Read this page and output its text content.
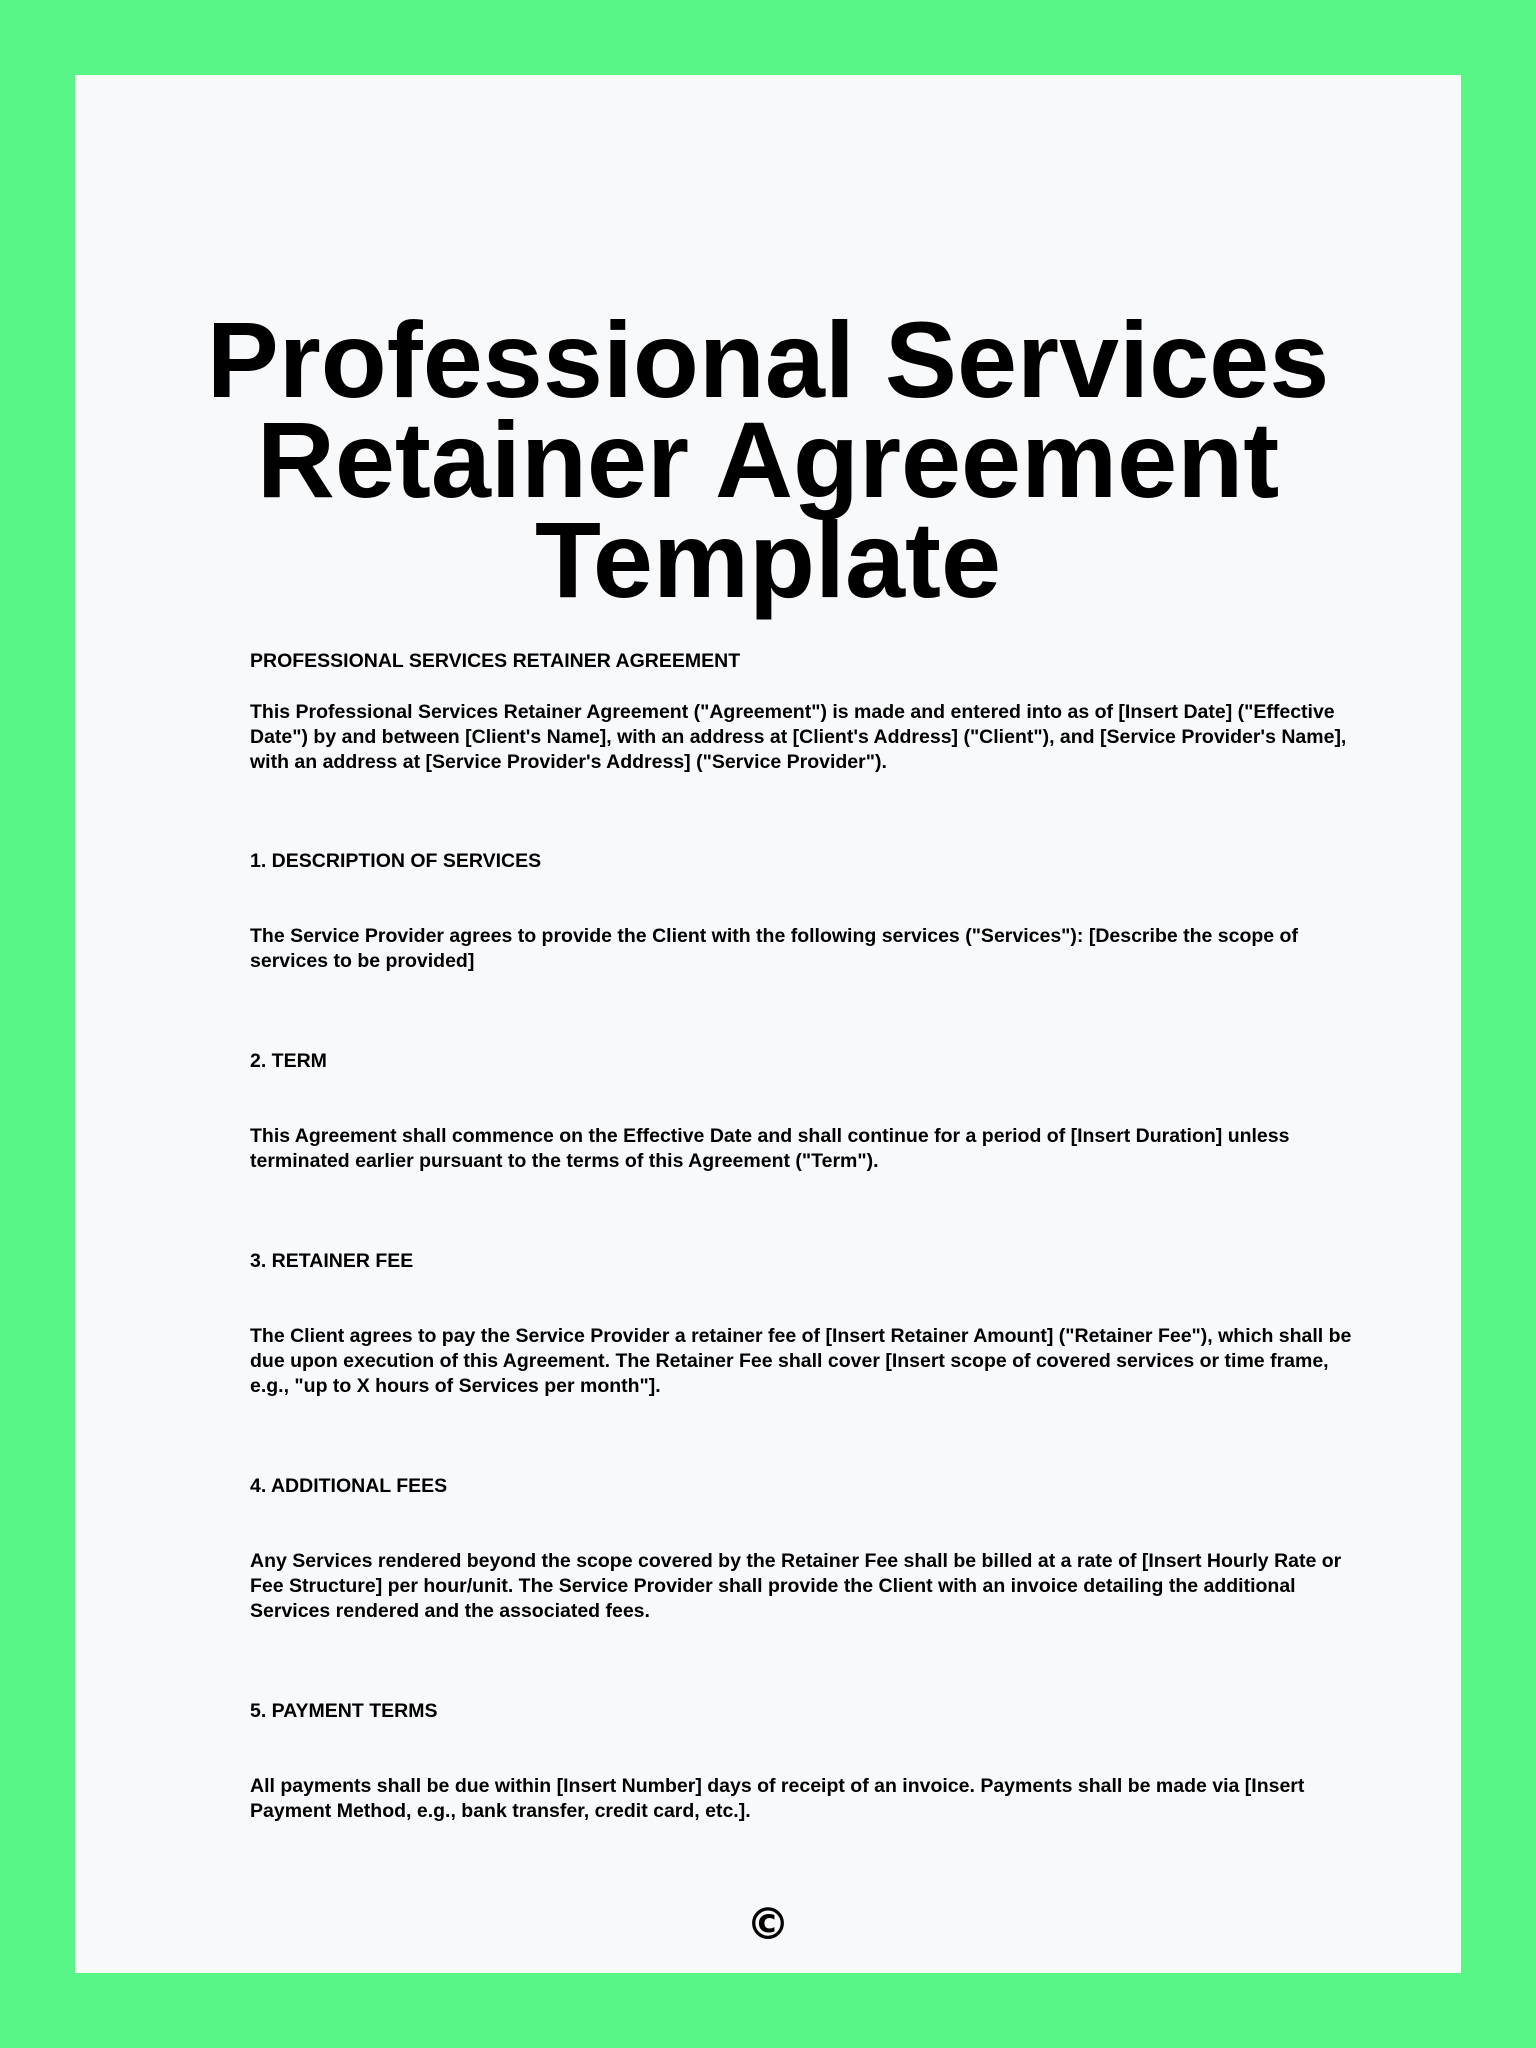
Professional Services
Retainer Agreement
Template

PROFESSIONAL SERVICES RETAINER AGREEMENT

This Professional Services Retainer Agreement ("Agreement") is made and entered into as of [Insert Date] ("Effective Date") by and between [Client's Name], with an address at [Client's Address] ("Client"), and [Service Provider's Name], with an address at [Service Provider's Address] ("Service Provider").

1. DESCRIPTION OF SERVICES

The Service Provider agrees to provide the Client with the following services ("Services"): [Describe the scope of services to be provided]

2. TERM

This Agreement shall commence on the Effective Date and shall continue for a period of [Insert Duration] unless terminated earlier pursuant to the terms of this Agreement ("Term").

3. RETAINER FEE

The Client agrees to pay the Service Provider a retainer fee of [Insert Retainer Amount] ("Retainer Fee"), which shall be due upon execution of this Agreement. The Retainer Fee shall cover [Insert scope of covered services or time frame, e.g., "up to X hours of Services per month"].

4. ADDITIONAL FEES

Any Services rendered beyond the scope covered by the Retainer Fee shall be billed at a rate of [Insert Hourly Rate or Fee Structure] per hour/unit. The Service Provider shall provide the Client with an invoice detailing the additional Services rendered and the associated fees.

5. PAYMENT TERMS

All payments shall be due within [Insert Number] days of receipt of an invoice. Payments shall be made via [Insert Payment Method, e.g., bank transfer, credit card, etc.].

©
